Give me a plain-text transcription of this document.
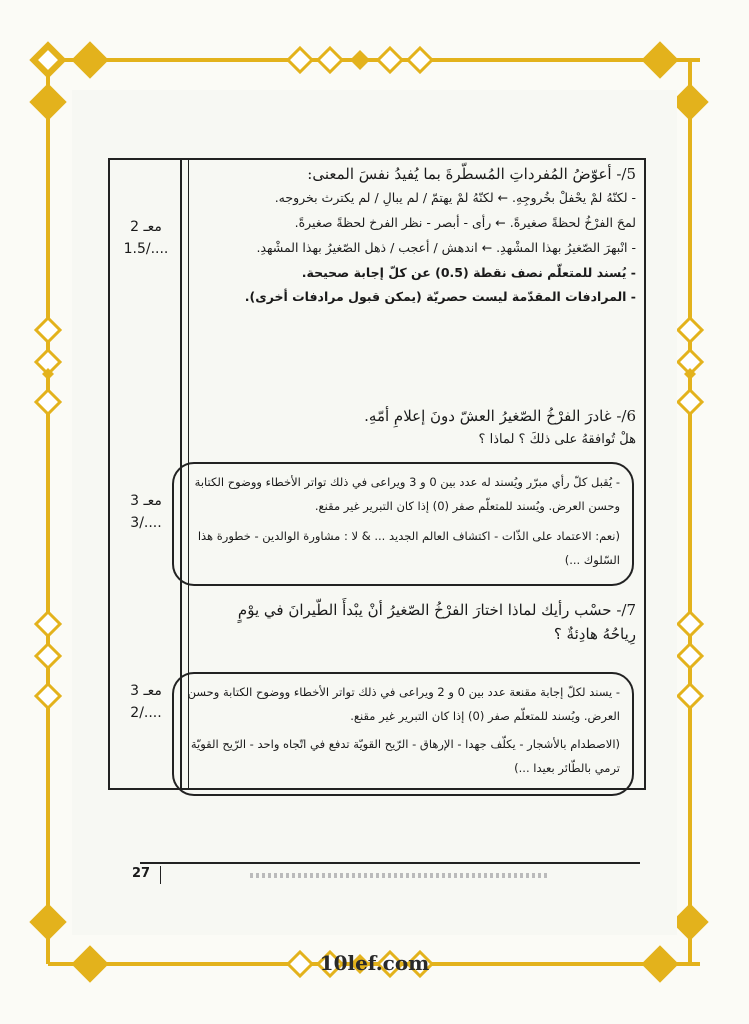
معـ 2
1.5/....
معـ 3
3/....
معـ 3
2/....
5/- أعوّضُ المُفرداتِ المُسطّرةَ بما يُفيدُ نفسَ المعنى:
- لكنّهُ لمْ يحْفلْ بخُروجِهِ. ← لكنّهُ لمْ يهتمّ / لم يبالِ / لم يكترث بخروجه.
لمحَ الفرْخُ لحظةً صغيرةً. ← رأى - أبصر - نظر الفرخ لحظةً صغيرةً.
- انْبهرَ الصّغيرُ بهذا المشْهدِ. ← اندهش / أعجب / ذهل الصّغيرُ بهذا المشْهدِ.
- يُسند للمتعلّم نصف نقطة (0.5) عن كلّ إجابة صحيحة.
- المرادفات المقدّمة ليست حصريّة (يمكن قبول مرادفات أخرى).
6/- غادرَ الفرْخُ الصّغيرُ العشّ دونَ إعلامِ أمّهِ.
هلْ تُوافقهُ على ذلكَ ؟ لماذا ؟
7/- حسْب رأيك لماذا اختارَ الفرْخُ الصّغيرُ أنْ يبْدأَ الطّيرانَ في يوْمٍ رِياحُهُ هادِئةٌ ؟
- يُقبل كلّ رأي مبرّر ويُسند له عدد بين 0 و 3 ويراعى في ذلك تواتر الأخطاء ووضوح الكتابة وحسن العرض. ويُسند للمتعلّم صفر (0) إذا كان التبرير غير مقنع.
(نعم: الاعتماد على الذّات - اكتشاف العالم الجديد ... & لا : مشاورة الوالدين - خطورة هذا السّلوك ...)
- يسند لكلّ إجابة مقنعة عدد بين 0 و 2 ويراعى في ذلك تواتر الأخطاء ووضوح الكتابة وحسن العرض. ويُسند للمتعلّم صفر (0) إذا كان التبرير غير مقنع.
(الاصطدام بالأشجار - يكلّف جهدا - الإرهاق - الرّيح القويّة تدفع في اتّجاه واحد - الرّيح القويّة ترمي بالطّائر بعيدا ...)
27
10lef.com
